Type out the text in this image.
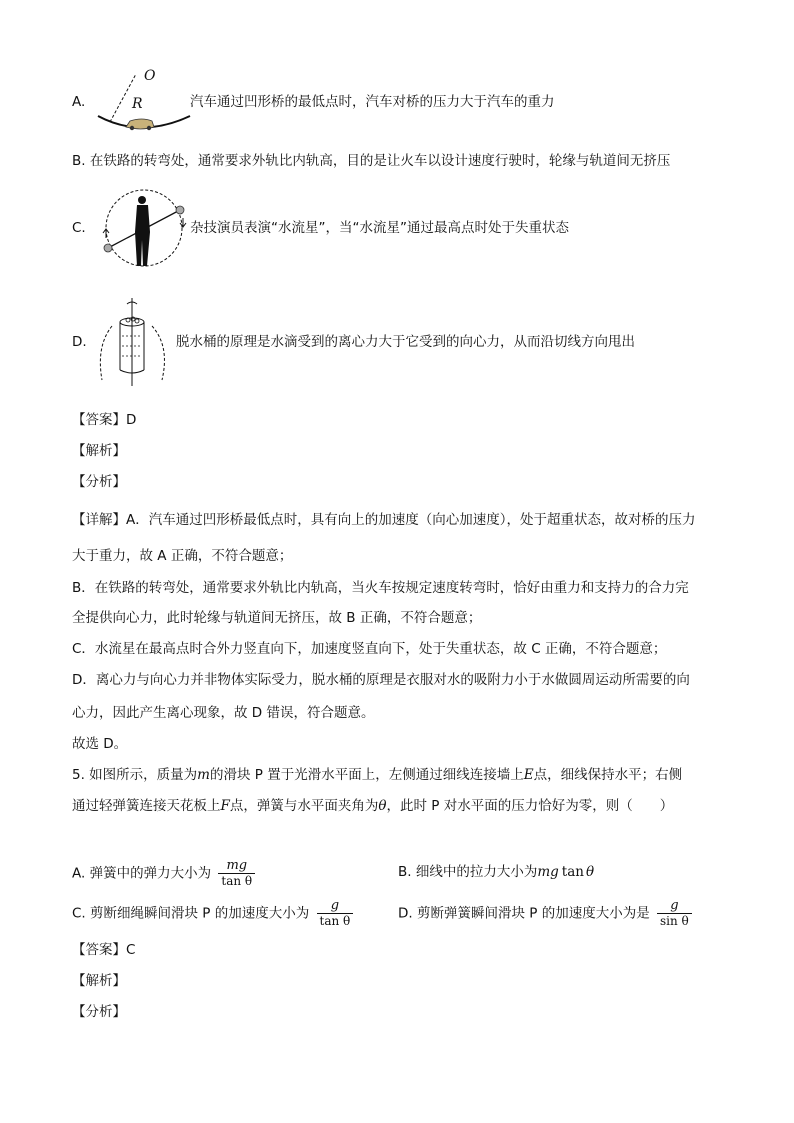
A.
O
R	汽车通过凹形桥的最低点时，汽车对桥的压力大于汽车的重力
B. 在铁路的转弯处，通常要求外轨比内轨高，目的是让火车以设计速度行驶时，轮缘与轨道间无挤压
C.	杂技演员表演“水流星”，当“水流星”通过最高点时处于失重状态
D.	脱水桶的原理是水滴受到的离心力大于它受到的向心力，从而沿切线方向甩出
【答案】D
【解析】
【分析】
【详解】A．汽车通过凹形桥最低点时，具有向上的加速度（向心加速度），处于超重状态，故对桥的压力
大于重力，故 A 正确，不符合题意；
B．在铁路的转弯处，通常要求外轨比内轨高，当火车按规定速度转弯时，恰好由重力和支持力的合力完
全提供向心力，此时轮缘与轨道间无挤压，故 B 正确，不符合题意；
C．水流星在最高点时合外力竖直向下，加速度竖直向下，处于失重状态，故 C 正确，不符合题意；
D．离心力与向心力并非物体实际受力，脱水桶的原理是衣服对水的吸附力小于水做圆周运动所需要的向
心力，因此产生离心现象，故 D 错误，符合题意。
故选 D。
5. 如图所示，质量为m的滑块 P 置于光滑水平面上，左侧通过细线连接墙上E点，细线保持水平；右侧
通过轻弹簧连接天花板上F点，弹簧与水平面夹角为θ，此时 P 对水平面的压力恰好为零，则（　　）
A. 弹簧中的弹力大小为 $\frac{mg}{\text{tan θ}}$	B. 细线中的拉力大小为mg tan θ
C. 剪断细绳瞬间滑块 P 的加速度大小为 $\frac{g}{\text{tan θ}}$	D. 剪断弹簧瞬间滑块 P 的加速度大小为是 $\frac{g}{\text{sin θ}}$
【答案】C
【解析】
【分析】
